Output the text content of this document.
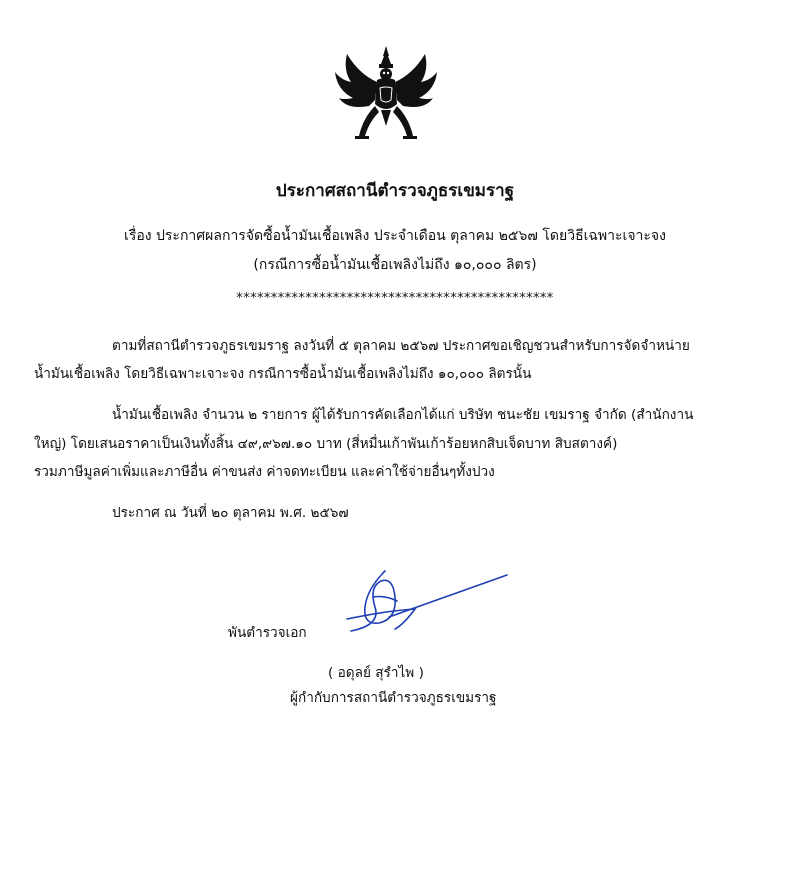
ประกาศสถานีตำรวจภูธรเขมราฐ
เรื่อง ประกาศผลการจัดซื้อน้ำมันเชื้อเพลิง ประจำเดือน ตุลาคม ๒๕๖๗ โดยวิธีเฉพาะเจาะจง
(กรณีการซื้อน้ำมันเชื้อเพลิงไม่ถึง ๑๐,๐๐๐ ลิตร)
**********************************************
ตามที่สถานีตำรวจภูธรเขมราฐ ลงวันที่ ๕ ตุลาคม ๒๕๖๗ ประกาศขอเชิญชวนสำหรับการจัดจำหน่าย
น้ำมันเชื้อเพลิง โดยวิธีเฉพาะเจาะจง กรณีการซื้อน้ำมันเชื้อเพลิงไม่ถึง ๑๐,๐๐๐ ลิตรนั้น
น้ำมันเชื้อเพลิง จำนวน ๒ รายการ ผู้ได้รับการคัดเลือกได้แก่ บริษัท ชนะชัย เขมราฐ จำกัด (สำนักงาน
ใหญ่) โดยเสนอราคาเป็นเงินทั้งสิ้น ๔๙,๙๖๗.๑๐ บาท (สี่หมื่นเก้าพันเก้าร้อยหกสิบเจ็ดบาท สิบสตางค์)
รวมภาษีมูลค่าเพิ่มและภาษีอื่น ค่าขนส่ง ค่าจดทะเบียน และค่าใช้จ่ายอื่นๆทั้งปวง
ประกาศ ณ วันที่ ๒๐ ตุลาคม พ.ศ. ๒๕๖๗
พันตำรวจเอก
( อดุลย์ สุรำไพ )
ผู้กำกับการสถานีตำรวจภูธรเขมราฐ
